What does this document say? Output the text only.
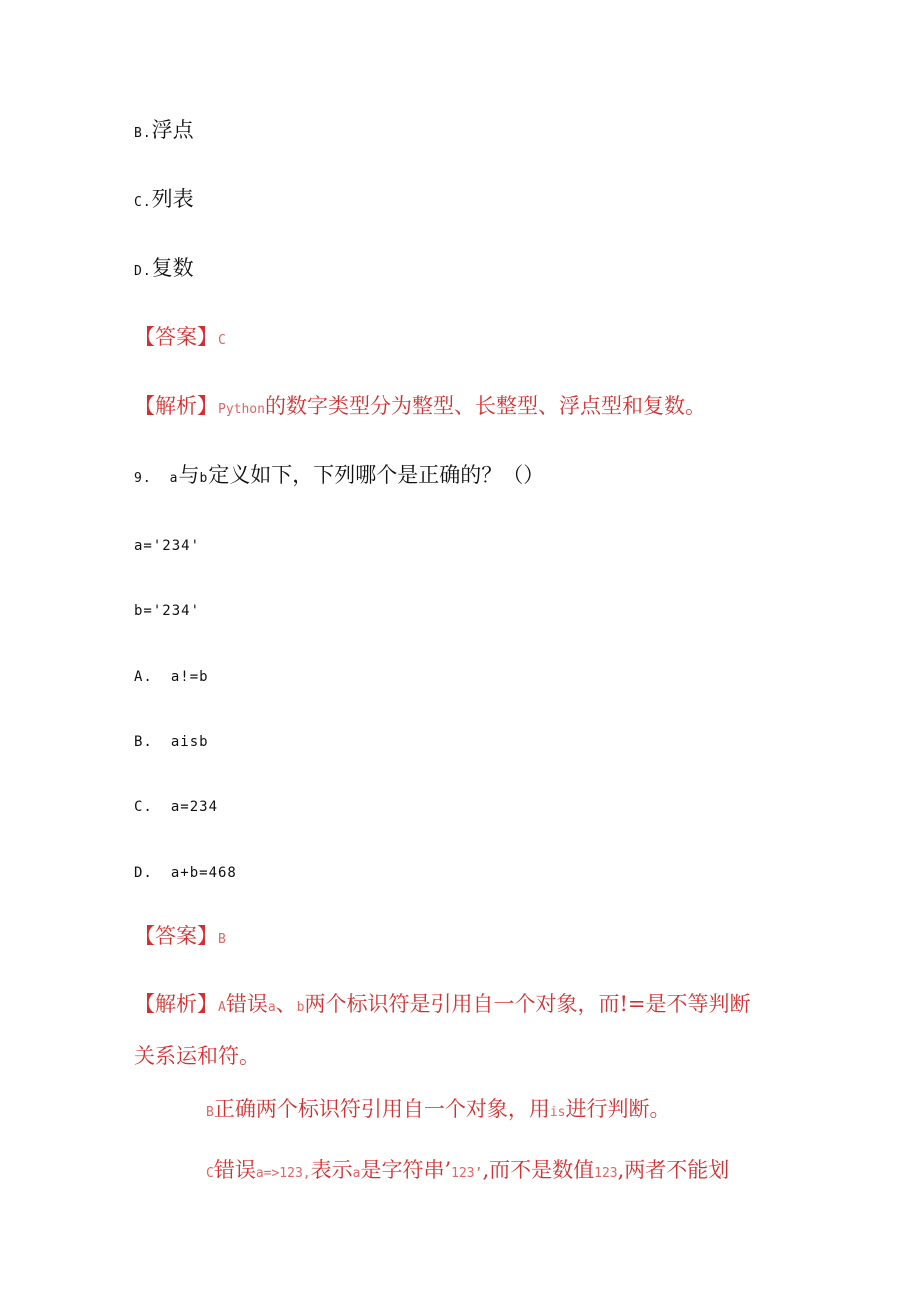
B.浮点
C.列表
D.复数
【答案】C
【解析】Python的数字类型分为整型、长整型、浮点型和复数。
9. a与b定义如下，下列哪个是正确的？（）
a='234'
b='234'
A. a!=b
B. aisb
C. a=234
D. a+b=468
【答案】B
【解析】A错误a、b两个标识符是引用自一个对象，而!=是不等判断
关系运和符。
B正确两个标识符引用自一个对象，用is进行判断。
C错误a=>123,表示a是字符串’123’,而不是数值123,两者不能划
